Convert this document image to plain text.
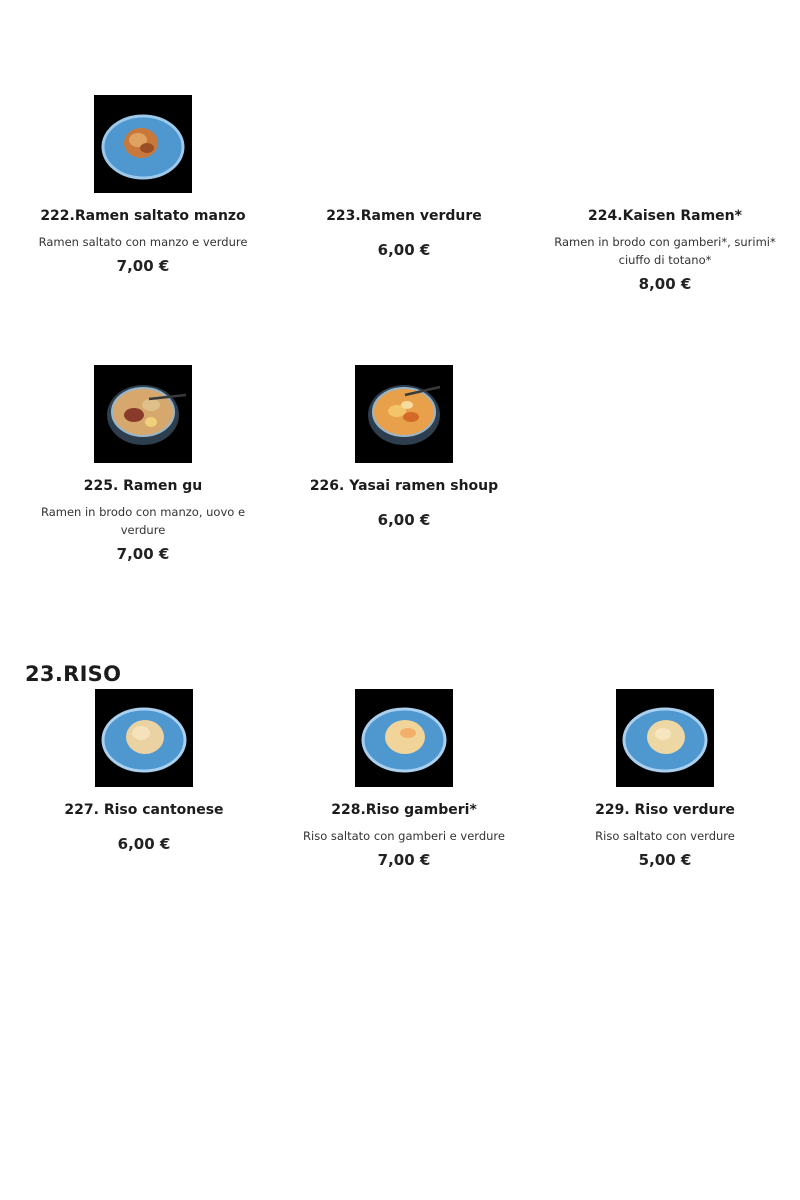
222.Ramen saltato manzo

Ramen saltato con manzo e verdure

7,00 €

223.Ramen verdure

6,00 €

224.Kaisen Ramen*

Ramen in brodo con gamberi*, surimi* ciuffo di totano*

8,00 €

225. Ramen gu

Ramen in brodo con manzo, uovo e verdure

7,00 €

226. Yasai ramen shoup

6,00 €
23.RISO

227. Riso cantonese

6,00 €

228.Riso gamberi*

Riso saltato con gamberi e verdure

7,00 €

229. Riso verdure

Riso saltato con verdure

5,00 €
